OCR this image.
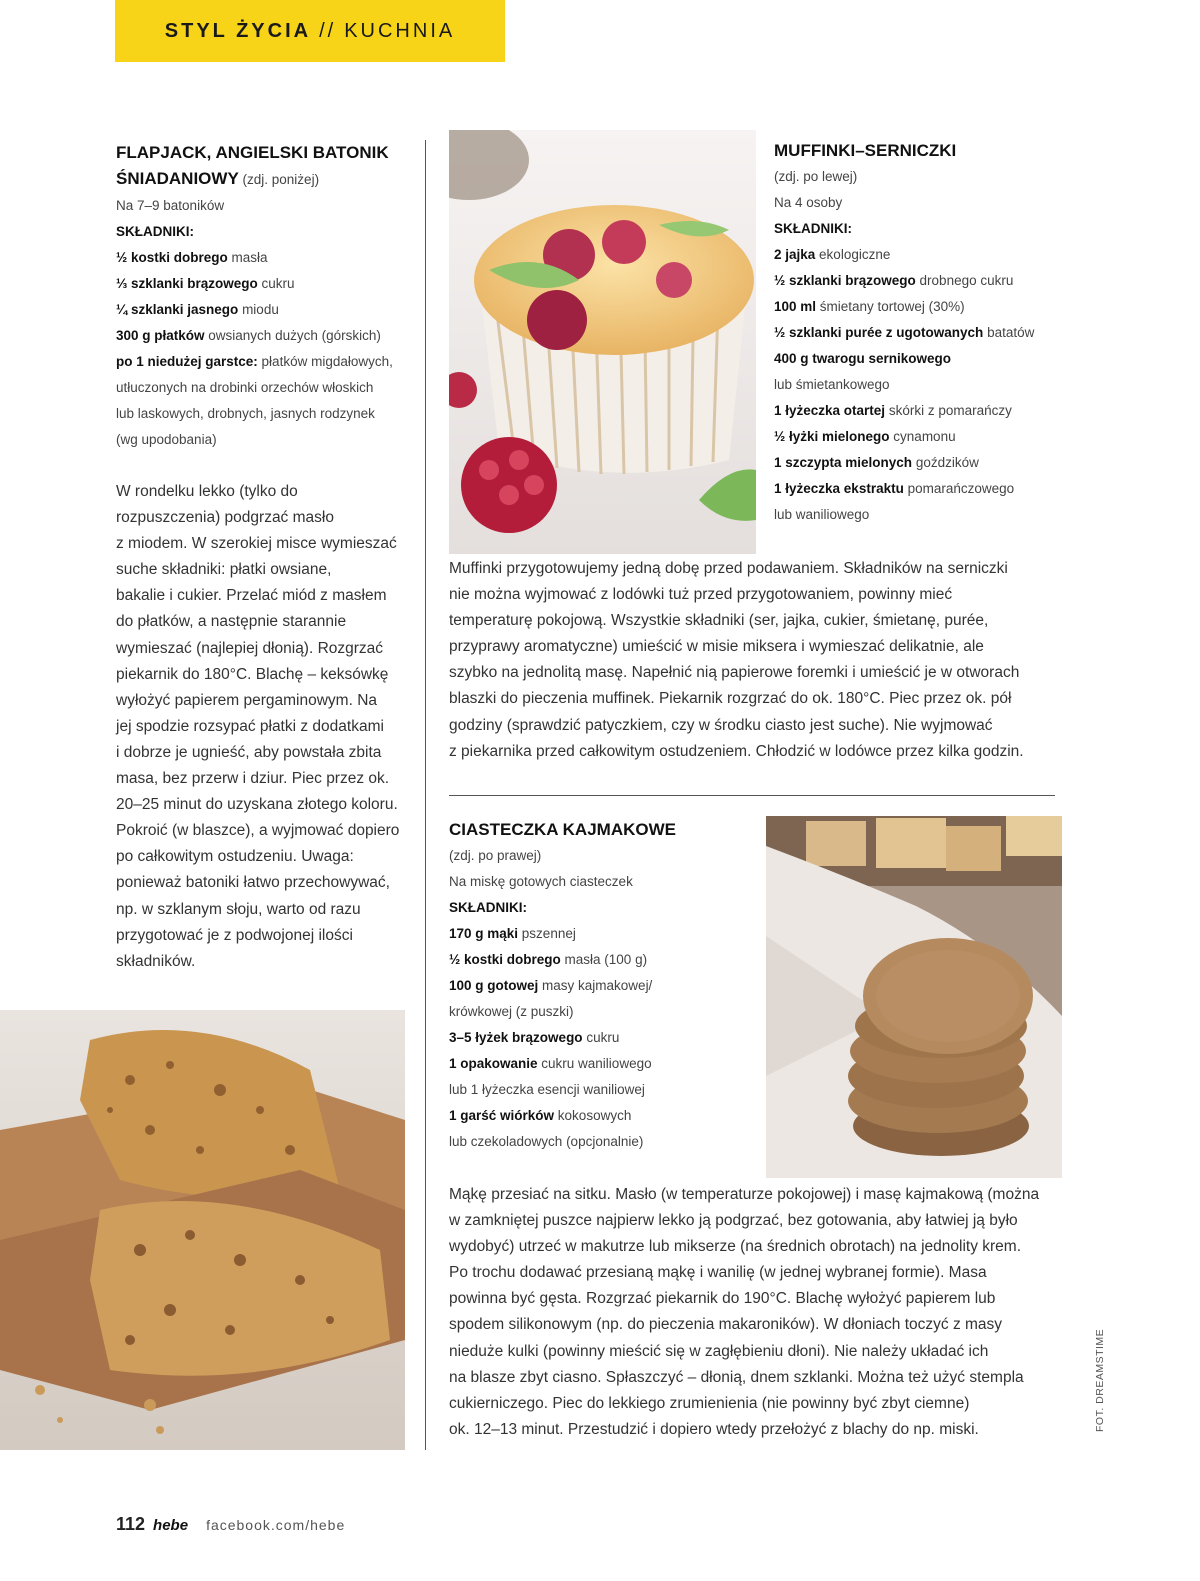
STYL ŻYCIA // KUCHNIA
FLAPJACK, ANGIELSKI BATONIK
ŚNIADANIOWY (zdj. poniżej)
Na 7–9 batoników
SKŁADNIKI:
½ kostki dobrego masła
⅓ szklanki brązowego cukru
¼ szklanki jasnego miodu
300 g płatków owsianych dużych (górskich)
po 1 niedużej garstce: płatków migdałowych,
utłuczonych na drobinki orzechów włoskich
lub laskowych, drobnych, jasnych rodzynek
(wg upodobania)
W rondelku lekko (tylko do
rozpuszczenia) podgrzać masło
z miodem. W szerokiej misce wymieszać
suche składniki: płatki owsiane,
bakalie i cukier. Przelać miód z masłem
do płatków, a następnie starannie
wymieszać (najlepiej dłonią). Rozgrzać
piekarnik do 180°C. Blachę – keksówkę
wyłożyć papierem pergaminowym. Na
jej spodzie rozsypać płatki z dodatkami
i dobrze je ugnieść, aby powstała zbita
masa, bez przerw i dziur. Piec przez ok.
20–25 minut do uzyskana złotego koloru.
Pokroić (w blaszce), a wyjmować dopiero
po całkowitym ostudzeniu. Uwaga:
ponieważ batoniki łatwo przechowywać,
np. w szklanym słoju, warto od razu
przygotować je z podwojonej ilości
składników.
MUFFINKI–SERNICZKI
(zdj. po lewej)
Na 4 osoby
SKŁADNIKI:
2 jajka ekologiczne
½ szklanki brązowego drobnego cukru
100 ml śmietany tortowej (30%)
½ szklanki purée z ugotowanych batatów
400 g twarogu sernikowego
lub śmietankowego
1 łyżeczka otartej skórki z pomarańczy
½ łyżki mielonego cynamonu
1 szczypta mielonych goździków
1 łyżeczka ekstraktu pomarańczowego
lub waniliowego
Muffinki przygotowujemy jedną dobę przed podawaniem. Składników na serniczki
nie można wyjmować z lodówki tuż przed przygotowaniem, powinny mieć
temperaturę pokojową. Wszystkie składniki (ser, jajka, cukier, śmietanę, purée,
przyprawy aromatyczne) umieścić w misie miksera i wymieszać delikatnie, ale
szybko na jednolitą masę. Napełnić nią papierowe foremki i umieścić je w otworach
blaszki do pieczenia muffinek. Piekarnik rozgrzać do ok. 180°C. Piec przez ok. pół
godziny (sprawdzić patyczkiem, czy w środku ciasto jest suche). Nie wyjmować
z piekarnika przed całkowitym ostudzeniem. Chłodzić w lodówce przez kilka godzin.
CIASTECZKA KAJMAKOWE
(zdj. po prawej)
Na miskę gotowych ciasteczek
SKŁADNIKI:
170 g mąki pszennej
½ kostki dobrego masła (100 g)
100 g gotowej masy kajmakowej/
krówkowej (z puszki)
3–5 łyżek brązowego cukru
1 opakowanie cukru waniliowego
lub 1 łyżeczka esencji waniliowej
1 garść wiórków kokosowych
lub czekoladowych (opcjonalnie)
Mąkę przesiać na sitku. Masło (w temperaturze pokojowej) i masę kajmakową (można
w zamkniętej puszce najpierw lekko ją podgrzać, bez gotowania, aby łatwiej ją było
wydobyć) utrzeć w makutrze lub mikserze (na średnich obrotach) na jednolity krem.
Po trochu dodawać przesianą mąkę i wanilię (w jednej wybranej formie). Masa
powinna być gęsta. Rozgrzać piekarnik do 190°C. Blachę wyłożyć papierem lub
spodem silikonowym (np. do pieczenia makaroników). W dłoniach toczyć z masy
nieduże kulki (powinny mieścić się w zagłębieniu dłoni). Nie należy układać ich
na blasze zbyt ciasno. Spłaszczyć – dłonią, dnem szklanki. Można też użyć stempla
cukierniczego. Piec do lekkiego zrumienienia (nie powinny być zbyt ciemne)
ok. 12–13 minut. Przestudzić i dopiero wtedy przełożyć z blachy do np. miski.	FOT. DREAMSTIME
112 hebe facebook.com/hebe
